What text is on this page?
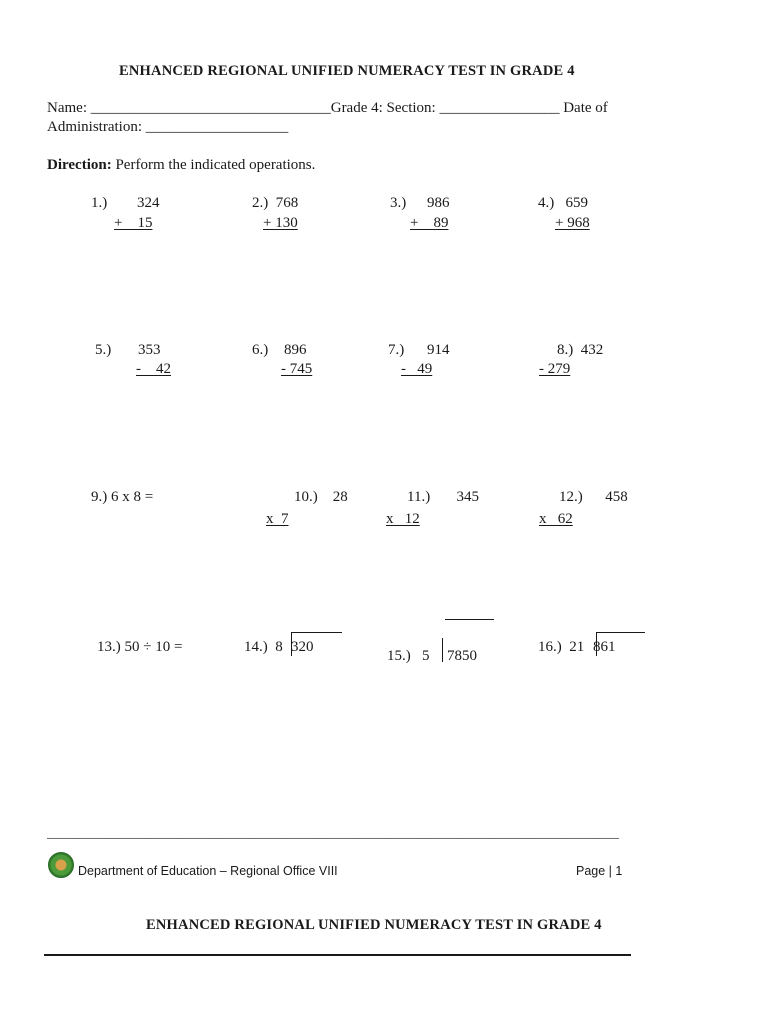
ENHANCED REGIONAL UNIFIED NUMERACY TEST IN GRADE 4
Name: ________________________________Grade 4: Section: ________________ Date of
Administration: ___________________
Direction: Perform the indicated operations.
1.) 324
+    15
2.)  768
+ 130
3.) 986
+    89
4.)   659
+ 968
5.) 353
-    42
6.) 896
- 745
7.) 914
-   49
8.)  432
- 279
9.) 6 x 8 =	10.)    28
x  7
11.)       345
x   12
12.)      458
x   62
13.) 50 ÷ 10 =	14.)  8 320
15.)   5 7850
16.)  21 861
________________________________________________________________________________________
Department of Education – Regional Office VIII	Page | 1
ENHANCED REGIONAL UNIFIED NUMERACY TEST IN GRADE 4
